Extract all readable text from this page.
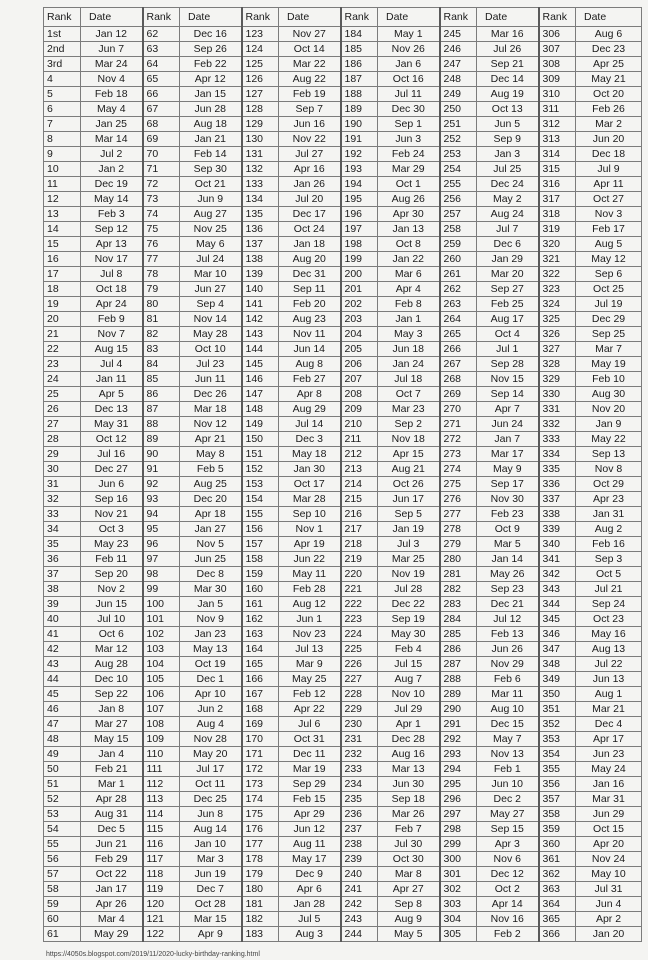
Rank	Date	Rank	Date	Rank	Date	Rank	Date	Rank	Date	Rank	Date
1st	Jan 12	62	Dec 16	123	Nov 27	184	May 1	245	Mar 16	306	Aug 6
2nd	Jun 7	63	Sep 26	124	Oct 14	185	Nov 26	246	Jul 26	307	Dec 23
3rd	Mar 24	64	Feb 22	125	Mar 22	186	Jan 6	247	Sep 21	308	Apr 25
4	Nov 4	65	Apr 12	126	Aug 22	187	Oct 16	248	Dec 14	309	May 21
5	Feb 18	66	Jan 15	127	Feb 19	188	Jul 11	249	Aug 19	310	Oct 20
6	May 4	67	Jun 28	128	Sep 7	189	Dec 30	250	Oct 13	311	Feb 26
7	Jan 25	68	Aug 18	129	Jun 16	190	Sep 1	251	Jun 5	312	Mar 2
8	Mar 14	69	Jan 21	130	Nov 22	191	Jun 3	252	Sep 9	313	Jun 20
9	Jul 2	70	Feb 14	131	Jul 27	192	Feb 24	253	Jan 3	314	Dec 18
10	Jan 2	71	Sep 30	132	Apr 16	193	Mar 29	254	Jul 25	315	Jul 9
11	Dec 19	72	Oct 21	133	Jan 26	194	Oct 1	255	Dec 24	316	Apr 11
12	May 14	73	Jun 9	134	Jul 20	195	Aug 26	256	May 2	317	Oct 27
13	Feb 3	74	Aug 27	135	Dec 17	196	Apr 30	257	Aug 24	318	Nov 3
14	Sep 12	75	Nov 25	136	Oct 24	197	Jan 13	258	Jul 7	319	Feb 17
15	Apr 13	76	May 6	137	Jan 18	198	Oct 8	259	Dec 6	320	Aug 5
16	Nov 17	77	Jul 24	138	Aug 20	199	Jan 22	260	Jan 29	321	May 12
17	Jul 8	78	Mar 10	139	Dec 31	200	Mar 6	261	Mar 20	322	Sep 6
18	Oct 18	79	Jun 27	140	Sep 11	201	Apr 4	262	Sep 27	323	Oct 25
19	Apr 24	80	Sep 4	141	Feb 20	202	Feb 8	263	Feb 25	324	Jul 19
20	Feb 9	81	Nov 14	142	Aug 23	203	Jan 1	264	Aug 17	325	Dec 29
21	Nov 7	82	May 28	143	Nov 11	204	May 3	265	Oct 4	326	Sep 25
22	Aug 15	83	Oct 10	144	Jun 14	205	Jun 18	266	Jul 1	327	Mar 7
23	Jul 4	84	Jul 23	145	Aug 8	206	Jan 24	267	Sep 28	328	May 19
24	Jan 11	85	Jun 11	146	Feb 27	207	Jul 18	268	Nov 15	329	Feb 10
25	Apr 5	86	Dec 26	147	Apr 8	208	Oct 7	269	Sep 14	330	Aug 30
26	Dec 13	87	Mar 18	148	Aug 29	209	Mar 23	270	Apr 7	331	Nov 20
27	May 31	88	Nov 12	149	Jul 14	210	Sep 2	271	Jun 24	332	Jan 9
28	Oct 12	89	Apr 21	150	Dec 3	211	Nov 18	272	Jan 7	333	May 22
29	Jul 16	90	May 8	151	May 18	212	Apr 15	273	Mar 17	334	Sep 13
30	Dec 27	91	Feb 5	152	Jan 30	213	Aug 21	274	May 9	335	Nov 8
31	Jun 6	92	Aug 25	153	Oct 17	214	Oct 26	275	Sep 17	336	Oct 29
32	Sep 16	93	Dec 20	154	Mar 28	215	Jun 17	276	Nov 30	337	Apr 23
33	Nov 21	94	Apr 18	155	Sep 10	216	Sep 5	277	Feb 23	338	Jan 31
34	Oct 3	95	Jan 27	156	Nov 1	217	Jan 19	278	Oct 9	339	Aug 2
35	May 23	96	Nov 5	157	Apr 19	218	Jul 3	279	Mar 5	340	Feb 16
36	Feb 11	97	Jun 25	158	Jun 22	219	Mar 25	280	Jan 14	341	Sep 3
37	Sep 20	98	Dec 8	159	May 11	220	Nov 19	281	May 26	342	Oct 5
38	Nov 2	99	Mar 30	160	Feb 28	221	Jul 28	282	Sep 23	343	Jul 21
39	Jun 15	100	Jan 5	161	Aug 12	222	Dec 22	283	Dec 21	344	Sep 24
40	Jul 10	101	Nov 9	162	Jun 1	223	Sep 19	284	Jul 12	345	Oct 23
41	Oct 6	102	Jan 23	163	Nov 23	224	May 30	285	Feb 13	346	May 16
42	Mar 12	103	May 13	164	Jul 13	225	Feb 4	286	Jun 26	347	Aug 13
43	Aug 28	104	Oct 19	165	Mar 9	226	Jul 15	287	Nov 29	348	Jul 22
44	Dec 10	105	Dec 1	166	May 25	227	Aug 7	288	Feb 6	349	Jun 13
45	Sep 22	106	Apr 10	167	Feb 12	228	Nov 10	289	Mar 11	350	Aug 1
46	Jan 8	107	Jun 2	168	Apr 22	229	Jul 29	290	Aug 10	351	Mar 21
47	Mar 27	108	Aug 4	169	Jul 6	230	Apr 1	291	Dec 15	352	Dec 4
48	May 15	109	Nov 28	170	Oct 31	231	Dec 28	292	May 7	353	Apr 17
49	Jan 4	110	May 20	171	Dec 11	232	Aug 16	293	Nov 13	354	Jun 23
50	Feb 21	111	Jul 17	172	Mar 19	233	Mar 13	294	Feb 1	355	May 24
51	Mar 1	112	Oct 11	173	Sep 29	234	Jun 30	295	Jun 10	356	Jan 16
52	Apr 28	113	Dec 25	174	Feb 15	235	Sep 18	296	Dec 2	357	Mar 31
53	Aug 31	114	Jun 8	175	Apr 29	236	Mar 26	297	May 27	358	Jun 29
54	Dec 5	115	Aug 14	176	Jun 12	237	Feb 7	298	Sep 15	359	Oct 15
55	Jun 21	116	Jan 10	177	Aug 11	238	Jul 30	299	Apr 3	360	Apr 20
56	Feb 29	117	Mar 3	178	May 17	239	Oct 30	300	Nov 6	361	Nov 24
57	Oct 22	118	Jun 19	179	Dec 9	240	Mar 8	301	Dec 12	362	May 10
58	Jan 17	119	Dec 7	180	Apr 6	241	Apr 27	302	Oct 2	363	Jul 31
59	Apr 26	120	Oct 28	181	Jan 28	242	Sep 8	303	Apr 14	364	Jun 4
60	Mar 4	121	Mar 15	182	Jul 5	243	Aug 9	304	Nov 16	365	Apr 2
61	May 29	122	Apr 9	183	Aug 3	244	May 5	305	Feb 2	366	Jan 20
https://4050s.blogspot.com/2019/11/2020-lucky-birthday-ranking.html
